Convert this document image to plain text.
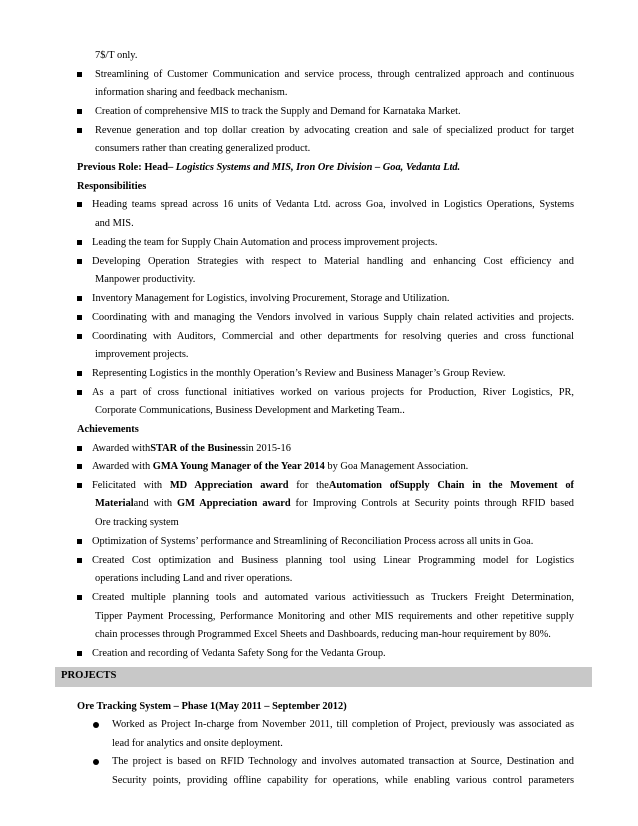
7$/T only.
Streamlining of Customer Communication and service process, through centralized approach and continuous
information sharing and feedback mechanism.
Creation of comprehensive MIS to track the Supply and Demand for Karnataka Market.
Revenue generation and top dollar creation by advocating creation and sale of specialized product for target
consumers rather than creating generalized product.
Previous Role: Head– Logistics Systems and MIS, Iron Ore Division – Goa, Vedanta Ltd.
Responsibilities
Heading teams spread across 16 units of Vedanta Ltd. across Goa, involved in Logistics Operations, Systems
and MIS.
Leading the team for Supply Chain Automation and process improvement projects.
Developing Operation Strategies with respect to Material handling and enhancing Cost efficiency and
Manpower productivity.
Inventory Management for Logistics, involving Procurement, Storage and Utilization.
Coordinating with and managing the Vendors involved in various Supply chain related activities and projects.
Coordinating with Auditors, Commercial and other departments for resolving queries and cross functional
improvement projects.
Representing Logistics in the monthly Operation’s Review and Business Manager’s Group Review.
As a part of cross functional initiatives worked on various projects for Production, River Logistics, PR,
Corporate Communications, Business Development and Marketing Team..
Achievements
Awarded withSTAR of the Businessin 2015-16
Awarded with GMA Young Manager of the Year 2014 by Goa Management Association.
Felicitated with MD Appreciation award for theAutomation ofSupply Chain in the Movement of
Materialand with GM Appreciation award for Improving Controls at Security points through RFID based
Ore tracking system
Optimization of Systems’ performance and Streamlining of Reconciliation Process across all units in Goa.
Created Cost optimization and Business planning tool using Linear Programming model for Logistics
operations including Land and river operations.
Created multiple planning tools and automated various activitiessuch as Truckers Freight Determination,
Tipper Payment Processing, Performance Monitoring and other MIS requirements and other repetitive supply
chain processes through Programmed Excel Sheets and Dashboards, reducing man-hour requirement by 80%.
Creation and recording of Vedanta Safety Song for the Vedanta Group.
PROJECTS
Ore Tracking System – Phase 1(May 2011 – September 2012)
Worked as Project In-charge from November 2011, till completion of Project, previously was associated as
lead for analytics and onsite deployment.
The project is based on RFID Technology and involves automated transaction at Source, Destination and
Security points, providing offline capability for operations, while enabling various control parameters
